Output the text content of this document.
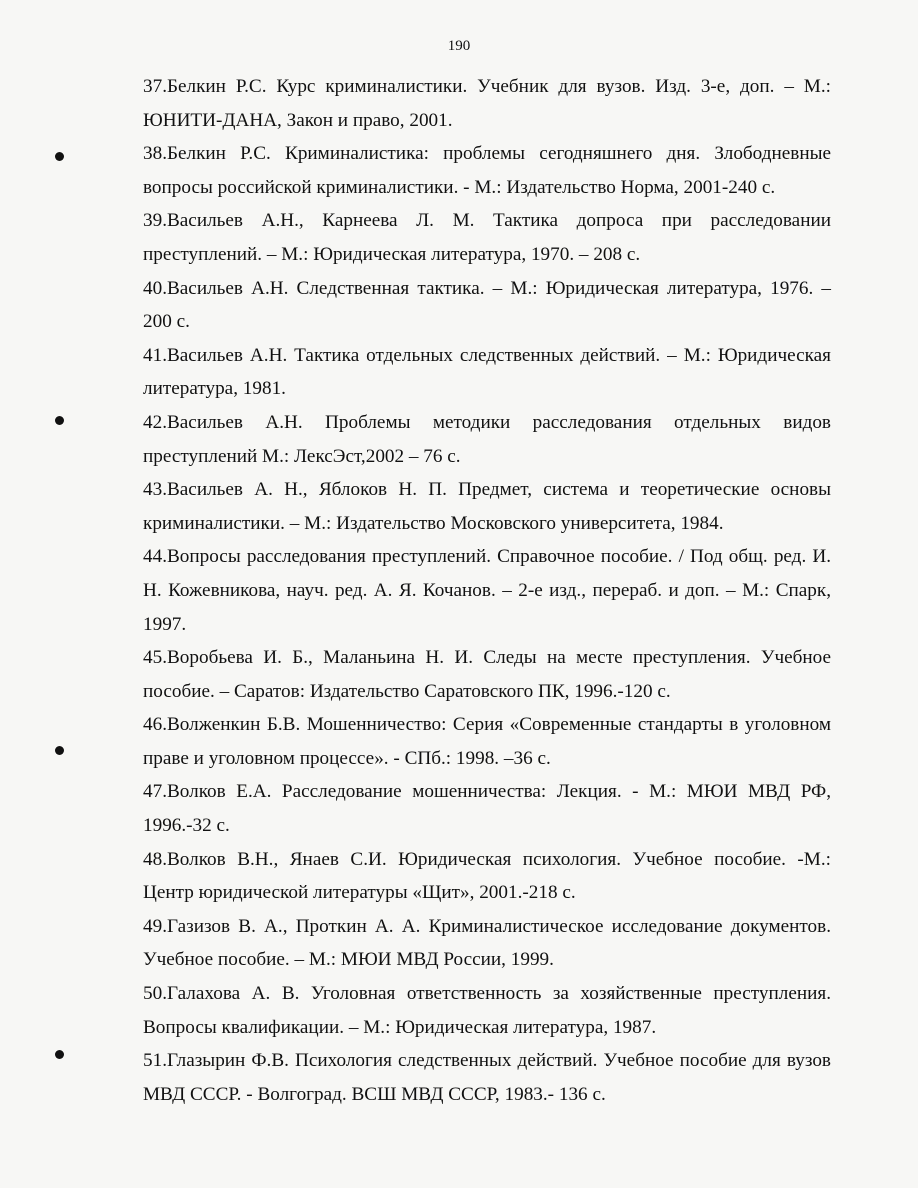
190
37.Белкин Р.С. Курс криминалистики. Учебник для вузов. Изд. 3-е, доп. – М.: ЮНИТИ-ДАНА, Закон и право, 2001.
38.Белкин Р.С. Криминалистика: проблемы сегодняшнего дня. Злободневные вопросы российской криминалистики. - М.: Издательство Норма, 2001-240 с.
39.Васильев А.Н., Карнеева Л. М. Тактика допроса при расследовании преступлений. – М.: Юридическая литература, 1970. – 208 с.
40.Васильев А.Н. Следственная тактика. – М.: Юридическая литература, 1976. – 200 с.
41.Васильев А.Н. Тактика отдельных следственных действий. – М.: Юридическая литература, 1981.
42.Васильев А.Н. Проблемы методики расследования отдельных видов преступлений М.: ЛексЭст,2002 – 76 с.
43.Васильев А. Н., Яблоков Н. П. Предмет, система и теоретические основы криминалистики. – М.: Издательство Московского университета, 1984.
44.Вопросы расследования преступлений. Справочное пособие. / Под общ. ред. И. Н. Кожевникова, науч. ред. А. Я. Кочанов. – 2-е изд., перераб. и доп. – М.: Спарк, 1997.
45.Воробьева И. Б., Маланьина Н. И. Следы на месте преступления. Учебное пособие. – Саратов: Издательство Саратовского ПК, 1996.-120 с.
46.Волженкин Б.В. Мошенничество: Серия «Современные стандарты в уголовном праве и уголовном процессе». - СПб.: 1998. –36 с.
47.Волков Е.А. Расследование мошенничества: Лекция. - М.: МЮИ МВД РФ, 1996.-32 с.
48.Волков В.Н., Янаев С.И. Юридическая психология. Учебное пособие. -М.: Центр юридической литературы «Щит», 2001.-218 с.
49.Газизов В. А., Проткин А. А. Криминалистическое исследование документов. Учебное пособие. – М.: МЮИ МВД России, 1999.
50.Галахова А. В. Уголовная ответственность за хозяйственные преступления. Вопросы квалификации. – М.: Юридическая литература, 1987.
51.Глазырин Ф.В. Психология следственных действий. Учебное пособие для вузов МВД СССР. - Волгоград. ВСШ МВД СССР, 1983.- 136 с.
